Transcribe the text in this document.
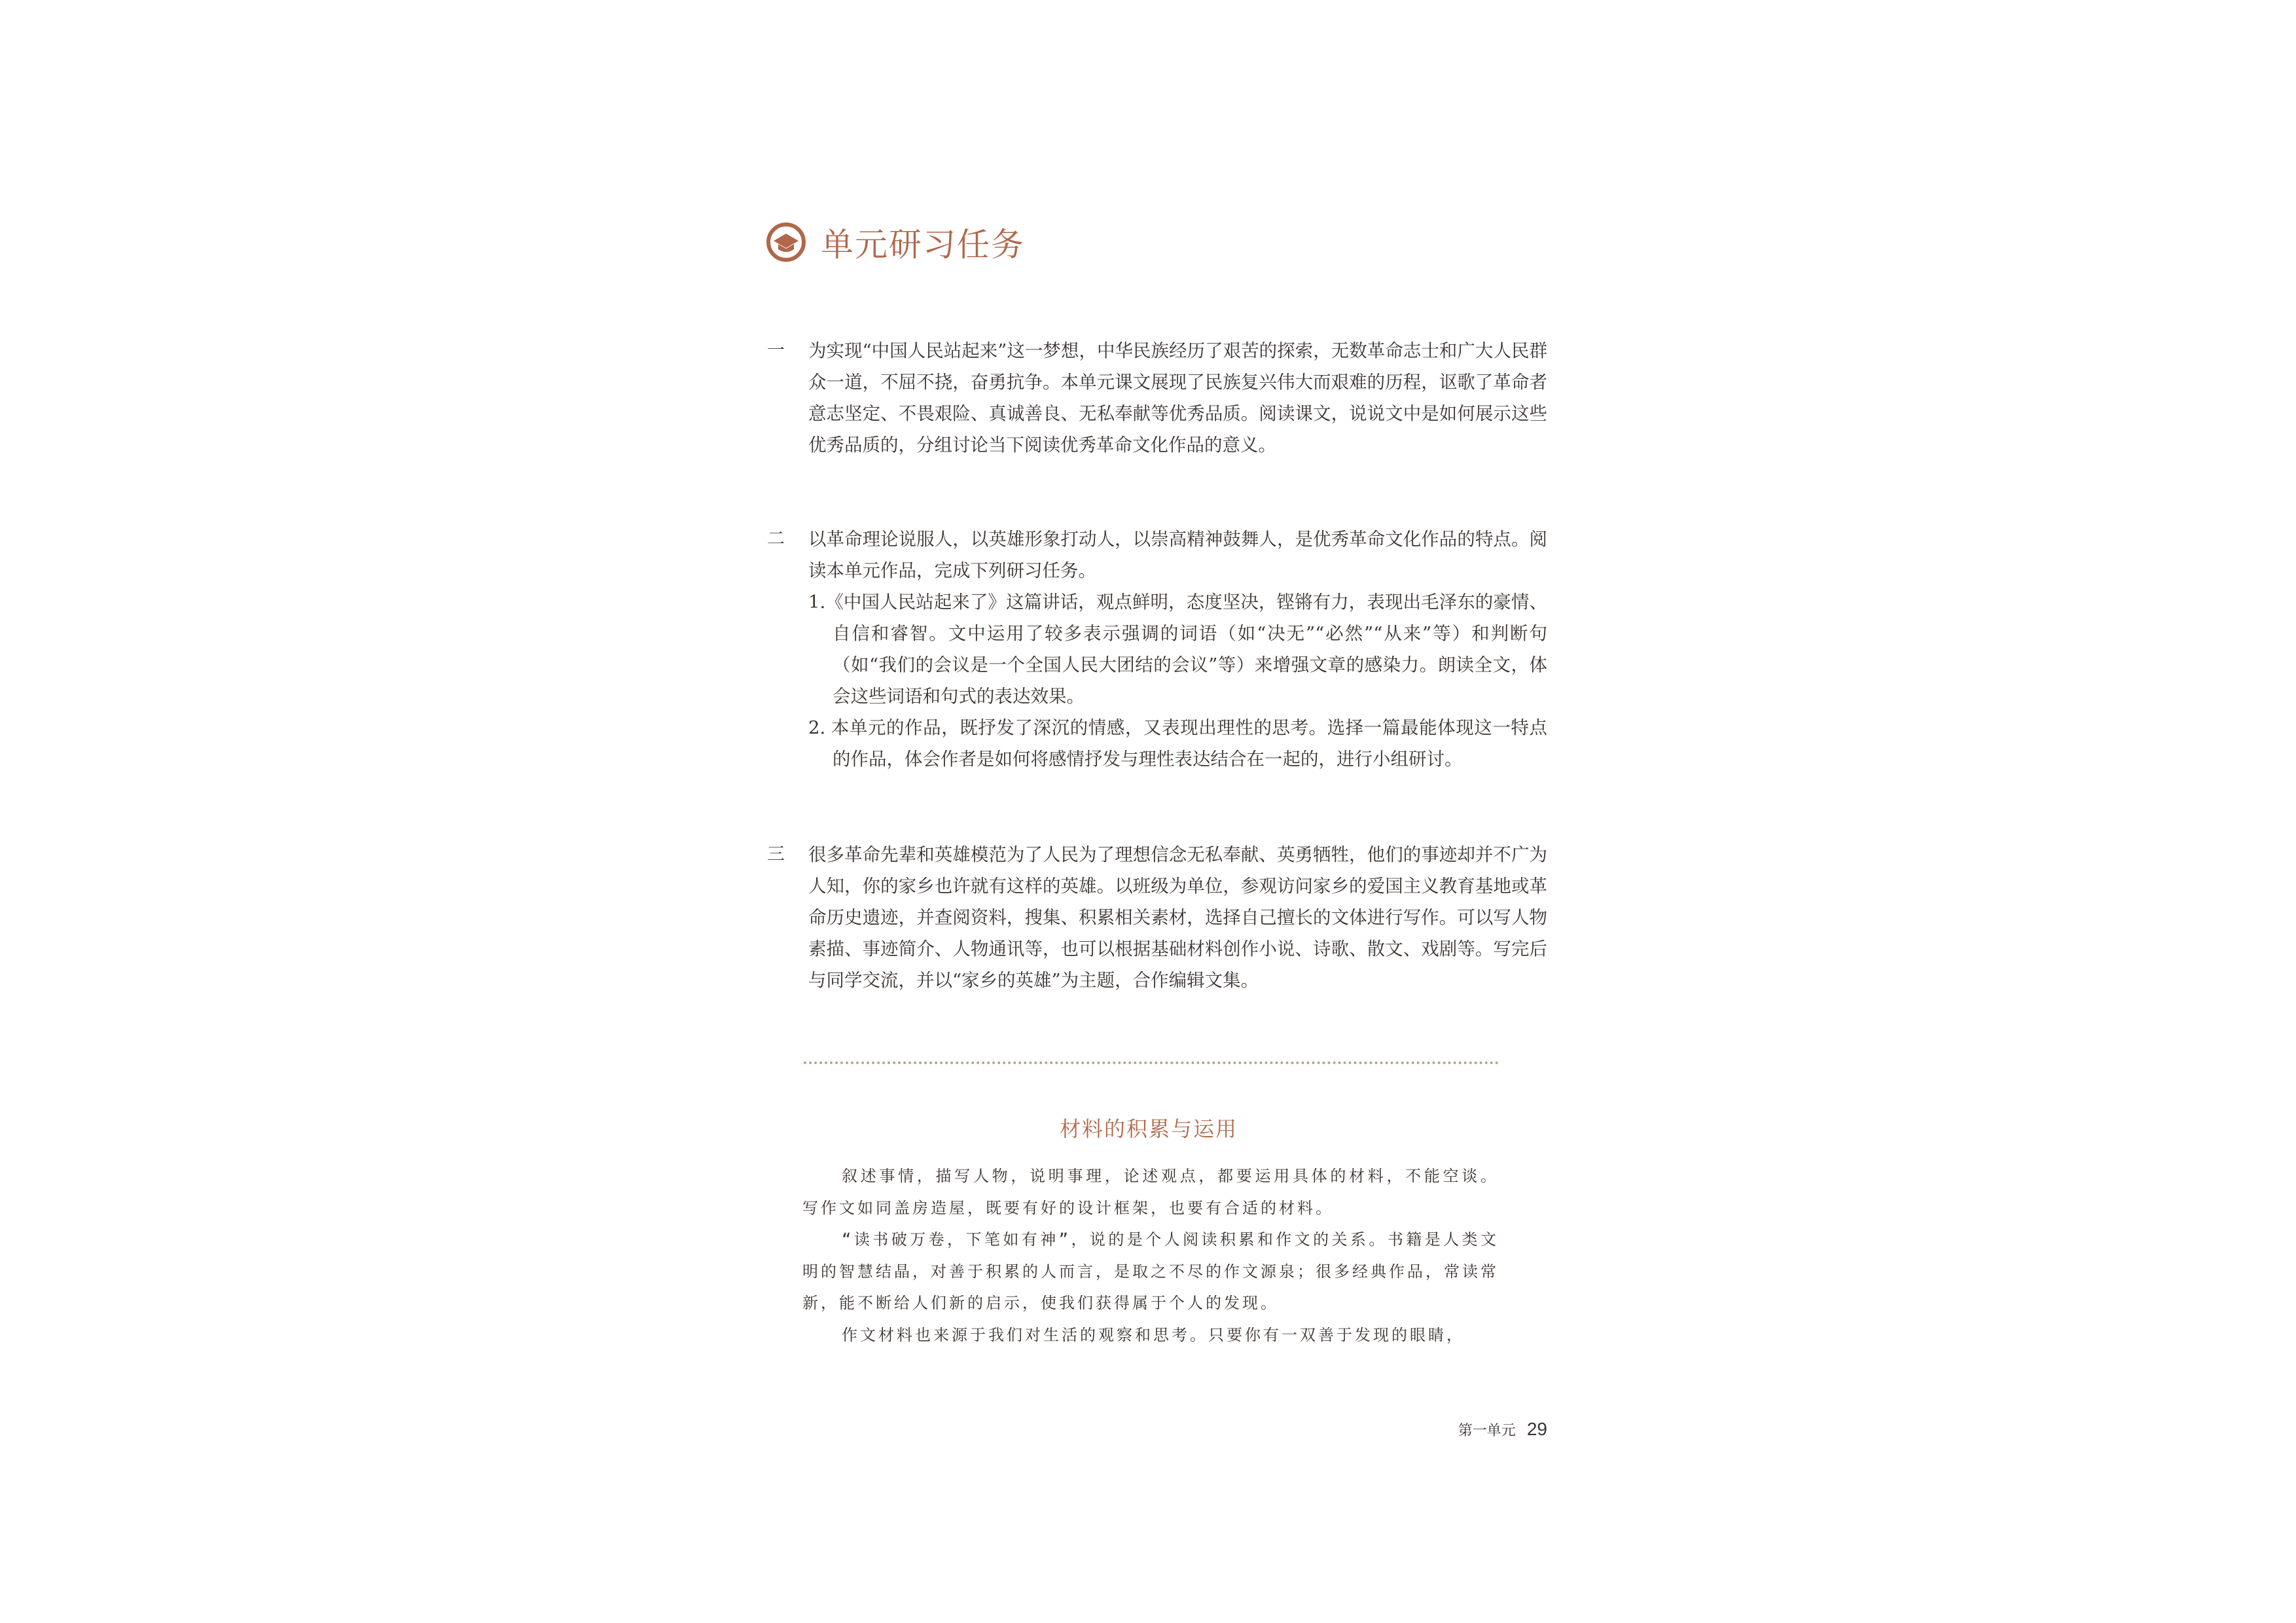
单元研习任务
一	为实现“中国人民站起来”这一梦想，中华民族经历了艰苦的探索，无数革命志士和广大人民群众一道，不屈不挠，奋勇抗争。本单元课文展现了民族复兴伟大而艰难的历程，讴歌了革命者意志坚定、不畏艰险、真诚善良、无私奉献等优秀品质。阅读课文，说说文中是如何展示这些优秀品质的，分组讨论当下阅读优秀革命文化作品的意义。
二	以革命理论说服人，以英雄形象打动人，以崇高精神鼓舞人，是优秀革命文化作品的特点。阅读本单元作品，完成下列研习任务。
1.《中国人民站起来了》这篇讲话，观点鲜明，态度坚决，铿锵有力，表现出毛泽东的豪情、自信和睿智。文中运用了较多表示强调的词语（如“决无”“必然”“从来”等）和判断句（如“我们的会议是一个全国人民大团结的会议”等）来增强文章的感染力。朗读全文，体会这些词语和句式的表达效果。
2. 本单元的作品，既抒发了深沉的情感，又表现出理性的思考。选择一篇最能体现这一特点的作品，体会作者是如何将感情抒发与理性表达结合在一起的，进行小组研讨。
三	很多革命先辈和英雄模范为了人民为了理想信念无私奉献、英勇牺牲，他们的事迹却并不广为人知，你的家乡也许就有这样的英雄。以班级为单位，参观访问家乡的爱国主义教育基地或革命历史遗迹，并查阅资料，搜集、积累相关素材，选择自己擅长的文体进行写作。可以写人物素描、事迹简介、人物通讯等，也可以根据基础材料创作小说、诗歌、散文、戏剧等。写完后与同学交流，并以“家乡的英雄”为主题，合作编辑文集。
材料的积累与运用

叙述事情，描写人物，说明事理，论述观点，都要运用具体的材料，不能空谈。写作文如同盖房造屋，既要有好的设计框架，也要有合适的材料。

“读书破万卷，下笔如有神”，说的是个人阅读积累和作文的关系。书籍是人类文明的智慧结晶，对善于积累的人而言，是取之不尽的作文源泉；很多经典作品，常读常新，能不断给人们新的启示，使我们获得属于个人的发现。

作文材料也来源于我们对生活的观察和思考。只要你有一双善于发现的眼睛，

第一单元 29
